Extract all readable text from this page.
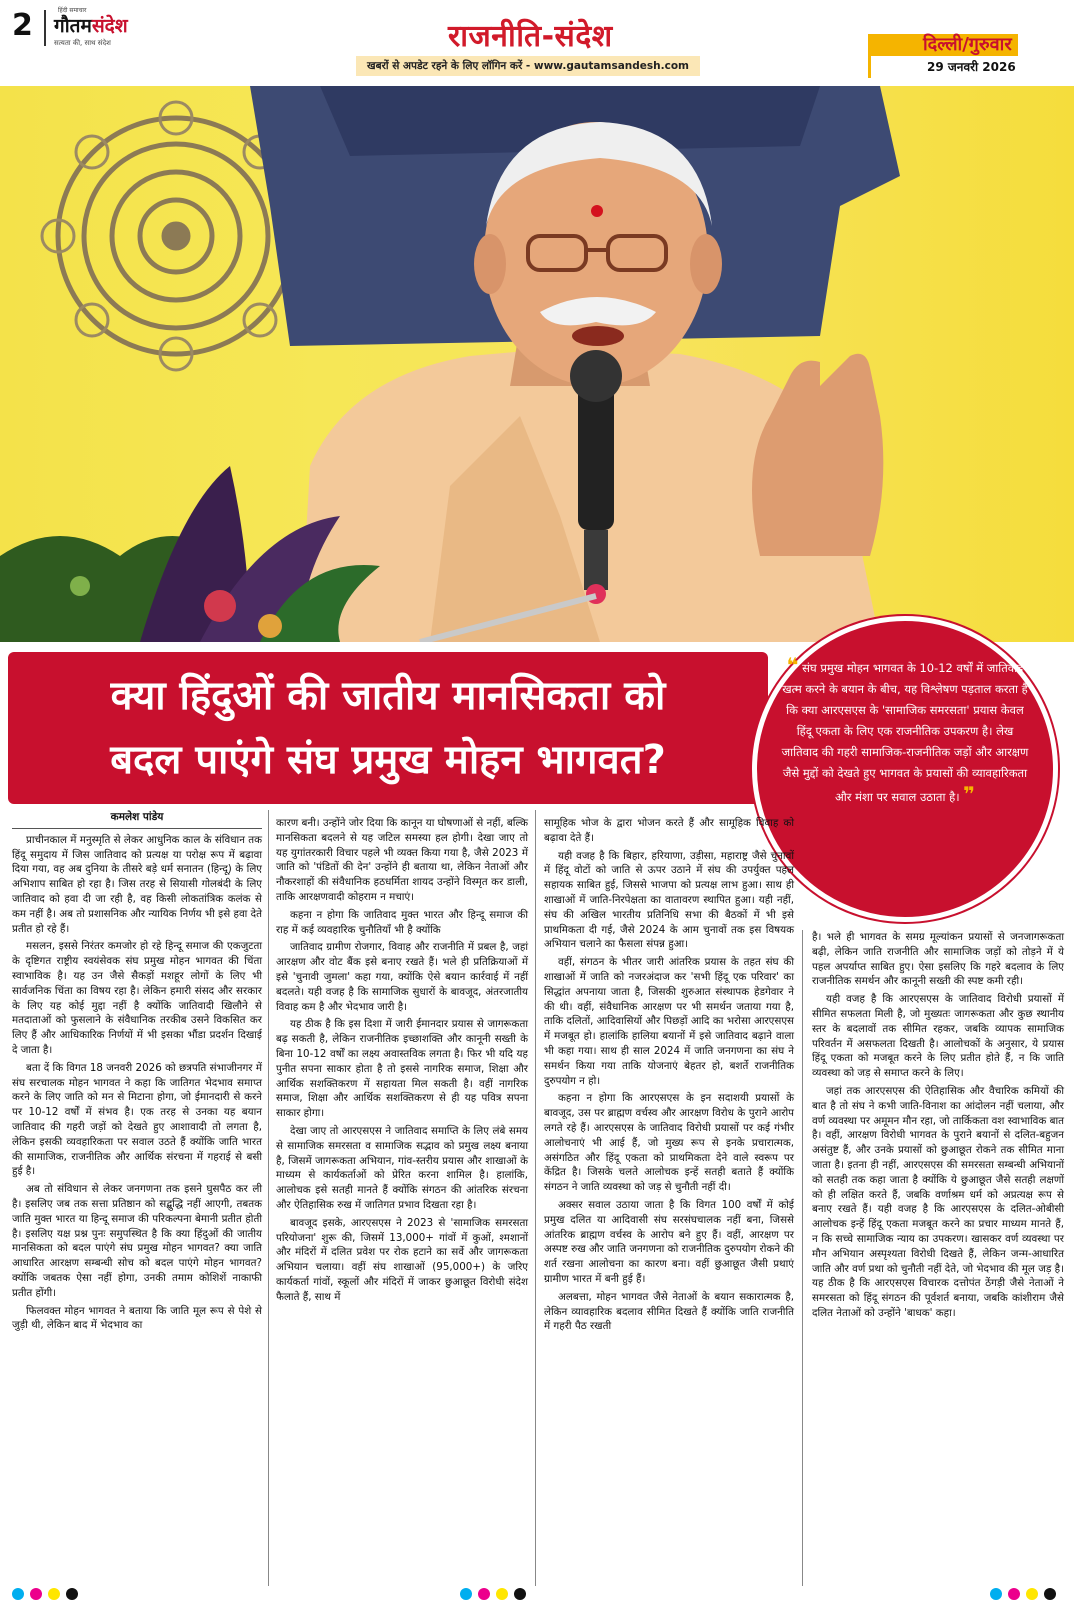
2	हिंदी समाचार
गौतमसंदेश
सत्यता की, साथ संदेश	राजनीति-संदेश
खबरों से अपडेट रहने के लिए लॉगिन करें - www.gautamsandesh.com
दिल्ली/गुरुवार
29 जनवरी 2026
क्या हिंदुओं की जातीय मानसिकता को
बदल पाएंगे संघ प्रमुख मोहन भागवत?
❝ संघ प्रमुख मोहन भागवत के 10-12 वर्षों में जातिवाद खत्म करने के बयान के बीच, यह विश्लेषण पड़ताल करता है कि क्या आरएसएस के 'सामाजिक समरसता' प्रयास केवल हिंदू एकता के लिए एक राजनीतिक उपकरण है। लेख जातिवाद की गहरी सामाजिक-राजनीतिक जड़ों और आरक्षण जैसे मुद्दों को देखते हुए भागवत के प्रयासों की व्यावहारिकता और मंशा पर सवाल उठाता है। ❞
कमलेश पांडेय

प्राचीनकाल में मनुस्मृति से लेकर आधुनिक काल के संविधान तक हिंदू समुदाय में जिस जातिवाद को प्रत्यक्ष या परोक्ष रूप में बढ़ावा दिया गया, वह अब दुनिया के तीसरे बड़े धर्म सनातन (हिन्दू) के लिए अभिशाप साबित हो रहा है। जिस तरह से सियासी गोलबंदी के लिए जातिवाद को हवा दी जा रही है, वह किसी लोकतांत्रिक कलंक से कम नहीं है। अब तो प्रशासनिक और न्यायिक निर्णय भी इसे हवा देते प्रतीत हो रहे हैं।

मसलन, इससे निरंतर कमजोर हो रहे हिन्दू समाज की एकजुटता के दृष्टिगत राष्ट्रीय स्वयंसेवक संघ प्रमुख मोहन भागवत की चिंता स्वाभाविक है। यह उन जैसे सैकड़ों मशहूर लोगों के लिए भी सार्वजनिक चिंता का विषय रहा है। लेकिन हमारी संसद और सरकार के लिए यह कोई मुद्दा नहीं है क्योंकि जातिवादी खिलौने से मतदाताओं को फुसलाने के संवैधानिक तरकीब उसने विकसित कर लिए हैं और आधिकारिक निर्णयों में भी इसका भौंडा प्रदर्शन दिखाई दे जाता है।

बता दें कि विगत 18 जनवरी 2026 को छत्रपति संभाजीनगर में संघ सरचालक मोहन भागवत ने कहा कि जातिगत भेदभाव समाप्त करने के लिए जाति को मन से मिटाना होगा, जो ईमानदारी से करने पर 10-12 वर्षों में संभव है। एक तरह से उनका यह बयान जातिवाद की गहरी जड़ों को देखते हुए आशावादी तो लगता है, लेकिन इसकी व्यवहारिकता पर सवाल उठते हैं क्योंकि जाति भारत की सामाजिक, राजनीतिक और आर्थिक संरचना में गहराई से बसी हुई है।

अब तो संविधान से लेकर जनगणना तक इसने घुसपैठ कर ली है। इसलिए जब तक सत्ता प्रतिष्ठान को सद्बुद्धि नहीं आएगी, तबतक जाति मुक्त भारत या हिन्दू समाज की परिकल्पना बेमानी प्रतीत होती है। इसलिए यक्ष प्रश्न पुनः समुपस्थित है कि क्या हिंदुओं की जातीय मानसिकता को बदल पाएंगे संघ प्रमुख मोहन भागवत? क्या जाति आधारित आरक्षण सम्बन्धी सोच को बदल पाएंगे मोहन भागवत? क्योंकि जबतक ऐसा नहीं होगा, उनकी तमाम कोशिशें नाकाफी प्रतीत होंगी।

फिलवक्त मोहन भागवत ने बताया कि जाति मूल रूप से पेशे से जुड़ी थी, लेकिन बाद में भेदभाव का

कारण बनी। उन्होंने जोर दिया कि कानून या घोषणाओं से नहीं, बल्कि मानसिकता बदलने से यह जटिल समस्या हल होगी। देखा जाए तो यह युगांतरकारी विचार पहले भी व्यक्त किया गया है, जैसे 2023 में जाति को 'पंडितों की देन' उन्होंने ही बताया था, लेकिन नेताओं और नौकरशाहों की संवैधानिक हठधर्मिता शायद उन्होंने विस्मृत कर डाली, ताकि आरक्षणवादी कोहराम न मचाएं।

कहना न होगा कि जातिवाद मुक्त भारत और हिन्दू समाज की राह में कई व्यवहारिक चुनौतियाँ भी है क्योंकि

जातिवाद ग्रामीण रोजगार, विवाह और राजनीति में प्रबल है, जहां आरक्षण और वोट बैंक इसे बनाए रखते हैं। भले ही प्रतिक्रियाओं में इसे 'चुनावी जुमला' कहा गया, क्योंकि ऐसे बयान कार्रवाई में नहीं बदलते। यही वजह है कि सामाजिक सुधारों के बावजूद, अंतरजातीय विवाह कम है और भेदभाव जारी है।

यह ठीक है कि इस दिशा में जारी ईमानदार प्रयास से जागरूकता बढ़ सकती है, लेकिन राजनीतिक इच्छाशक्ति और कानूनी सख्ती के बिना 10-12 वर्षों का लक्ष्य अवास्तविक लगता है। फिर भी यदि यह पुनीत सपना साकार होता है तो इससे नागरिक समाज, शिक्षा और आर्थिक सशक्तिकरण में सहायता मिल सकती है। वहीं नागरिक समाज, शिक्षा और आर्थिक सशक्तिकरण से ही यह पवित्र सपना साकार होगा।

देखा जाए तो आरएसएस ने जातिवाद समाप्ति के लिए लंबे समय से सामाजिक समरसता व सामाजिक सद्भाव को प्रमुख लक्ष्य बनाया है, जिसमें जागरूकता अभियान, गांव-स्तरीय प्रयास और शाखाओं के माध्यम से कार्यकर्ताओं को प्रेरित करना शामिल है। हालांकि, आलोचक इसे सतही मानते हैं क्योंकि संगठन की आंतरिक संरचना और ऐतिहासिक रुख में जातिगत प्रभाव दिखता रहा है।

बावजूद इसके, आरएसएस ने 2023 से 'सामाजिक समरसता परियोजना' शुरू की, जिसमें 13,000+ गांवों में कुओं, श्मशानों और मंदिरों में दलित प्रवेश पर रोक हटाने का सर्वे और जागरूकता अभियान चलाया। वहीं संघ शाखाओं (95,000+) के जरिए कार्यकर्ता गांवों, स्कूलों और मंदिरों में जाकर छुआछूत विरोधी संदेश फैलाते हैं, साथ में

सामूहिक भोज के द्वारा भोजन करते हैं और सामूहिक विवाह को बढ़ावा देते हैं।

यही वजह है कि बिहार, हरियाणा, उड़ीसा, महाराष्ट्र जैसे चुनावों में हिंदू वोटों को जाति से ऊपर उठाने में संघ की उपर्युक्त पहल सहायक साबित हुई, जिससे भाजपा को प्रत्यक्ष लाभ हुआ। साथ ही शाखाओं में जाति-निरपेक्षता का वातावरण स्थापित हुआ। यही नहीं, संघ की अखिल भारतीय प्रतिनिधि सभा की बैठकों में भी इसे प्राथमिकता दी गई, जैसे 2024 के आम चुनावों तक इस विषयक अभियान चलाने का फैसला संपन्न हुआ।

वहीं, संगठन के भीतर जारी आंतरिक प्रयास के तहत संघ की शाखाओं में जाति को नजरअंदाज कर 'सभी हिंदू एक परिवार' का सिद्धांत अपनाया जाता है, जिसकी शुरुआत संस्थापक हेडगेवार ने की थी। वहीं, संवैधानिक आरक्षण पर भी समर्थन जताया गया है, ताकि दलितों, आदिवासियों और पिछड़ों आदि का भरोसा आरएसएस में मजबूत हो। हालांकि हालिया बयानों में इसे जातिवाद बढ़ाने वाला भी कहा गया। साथ ही साल 2024 में जाति जनगणना का संघ ने समर्थन किया गया ताकि योजनाएं बेहतर हो, बशर्ते राजनीतिक दुरुपयोग न हो।

कहना न होगा कि आरएसएस के इन सदाशयी प्रयासों के बावजूद, उस पर ब्राह्मण वर्चस्व और आरक्षण विरोध के पुराने आरोप लगते रहे हैं। आरएसएस के जातिवाद विरोधी प्रयासों पर कई गंभीर आलोचनाएं भी आई हैं, जो मुख्य रूप से इनके प्रचारात्मक, असंगठित और हिंदू एकता को प्राथमिकता देने वाले स्वरूप पर केंद्रित है। जिसके चलते आलोचक इन्हें सतही बताते हैं क्योंकि संगठन ने जाति व्यवस्था को जड़ से चुनौती नहीं दी।

अक्सर सवाल उठाया जाता है कि विगत 100 वर्षों में कोई प्रमुख दलित या आदिवासी संघ सरसंघचालक नहीं बना, जिससे आंतरिक ब्राह्मण वर्चस्व के आरोप बने हुए हैं। वहीं, आरक्षण पर अस्पष्ट रुख और जाति जनगणना को राजनीतिक दुरुपयोग रोकने की शर्त रखना आलोचना का कारण बना। वहीं छुआछूत जैसी प्रथाएं ग्रामीण भारत में बनी हुई हैं।

अलबत्ता, मोहन भागवत जैसे नेताओं के बयान सकारात्मक है, लेकिन व्यावहारिक बदलाव सीमित दिखते हैं क्योंकि जाति राजनीति में गहरी पैठ रखती

है। भले ही भागवत के समग्र मूल्यांकन प्रयासों से जनजागरूकता बढ़ी, लेकिन जाति राजनीति और सामाजिक जड़ों को तोड़ने में ये पहल अपर्याप्त साबित हुए। ऐसा इसलिए कि गहरे बदलाव के लिए राजनीतिक समर्थन और कानूनी सख्ती की स्पष्ट कमी रही।

यही वजह है कि आरएसएस के जातिवाद विरोधी प्रयासों में सीमित सफलता मिली है, जो मुख्यतः जागरूकता और कुछ स्थानीय स्तर के बदलावों तक सीमित रहकर, जबकि व्यापक सामाजिक परिवर्तन में असफलता दिखती है। आलोचकों के अनुसार, ये प्रयास हिंदू एकता को मजबूत करने के लिए प्रतीत होते हैं, न कि जाति व्यवस्था को जड़ से समाप्त करने के लिए।

जहां तक आरएसएस की ऐतिहासिक और वैचारिक कमियों की बात है तो संघ ने कभी जाति-विनाश का आंदोलन नहीं चलाया, और वर्ण व्यवस्था पर अमूमन मौन रहा, जो तार्किकता वश स्वाभाविक बात है। वहीं, आरक्षण विरोधी भागवत के पुराने बयानों से दलित-बहुजन असंतुष्ट हैं, और उनके प्रयासों को छुआछूत रोकने तक सीमित माना जाता है। इतना ही नहीं, आरएसएस की समरसता सम्बन्धी अभियानों को सतही तक कहा जाता है क्योंकि ये छुआछूत जैसे सतही लक्षणों को ही लक्षित करते हैं, जबकि वर्णाश्रम धर्म को अप्रत्यक्ष रूप से बनाए रखते हैं। यही वजह है कि आरएसएस के दलित-ओबीसी आलोचक इन्हें हिंदू एकता मजबूत करने का प्रचार माध्यम मानते हैं, न कि सच्चे सामाजिक न्याय का उपकरण। खासकर वर्ण व्यवस्था पर मौन अभियान अस्पृश्यता विरोधी दिखते हैं, लेकिन जन्म-आधारित जाति और वर्ण प्रथा को चुनौती नहीं देते, जो भेदभाव की मूल जड़ है। यह ठीक है कि आरएसएस विचारक दत्तोपंत ठेंगड़ी जैसे नेताओं ने समरसता को हिंदू संगठन की पूर्वशर्त बनाया, जबकि कांशीराम जैसे दलित नेताओं को उन्होंने 'बाधक' कहा।
